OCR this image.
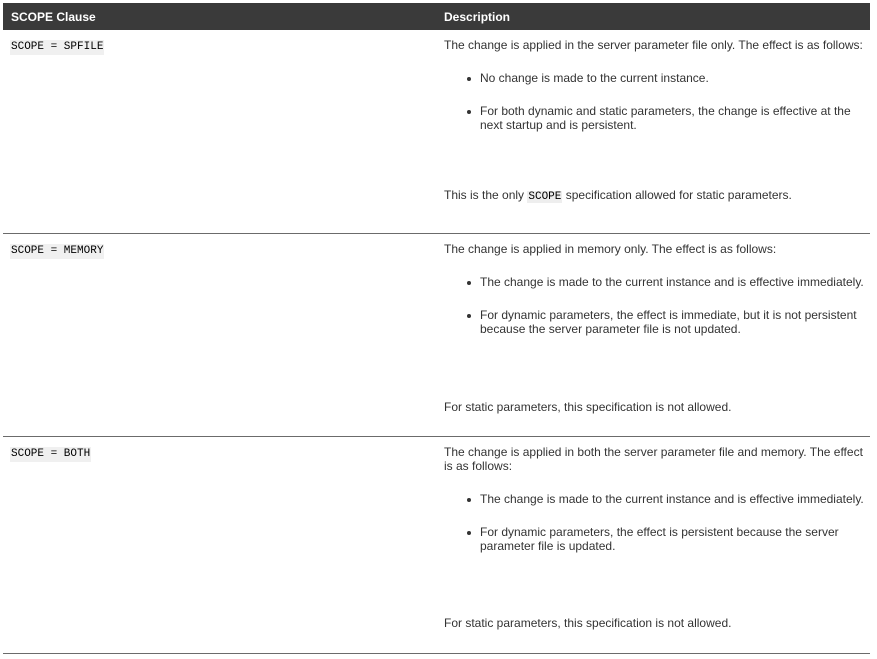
SCOPE Clause	Description
SCOPE = SPFILE	The change is applied in the server parameter file only. The effect is as follows:

No change is made to the current instance.
For both dynamic and static parameters, the change is effective at the next startup and is persistent.

This is the only SCOPE specification allowed for static parameters.

SCOPE = MEMORY	The change is applied in memory only. The effect is as follows:

The change is made to the current instance and is effective immediately.
For dynamic parameters, the effect is immediate, but it is not persistent because the server parameter file is not updated.

For static parameters, this specification is not allowed.

SCOPE = BOTH	The change is applied in both the server parameter file and memory. The effect is as follows:

The change is made to the current instance and is effective immediately.
For dynamic parameters, the effect is persistent because the server parameter file is updated.

For static parameters, this specification is not allowed.
